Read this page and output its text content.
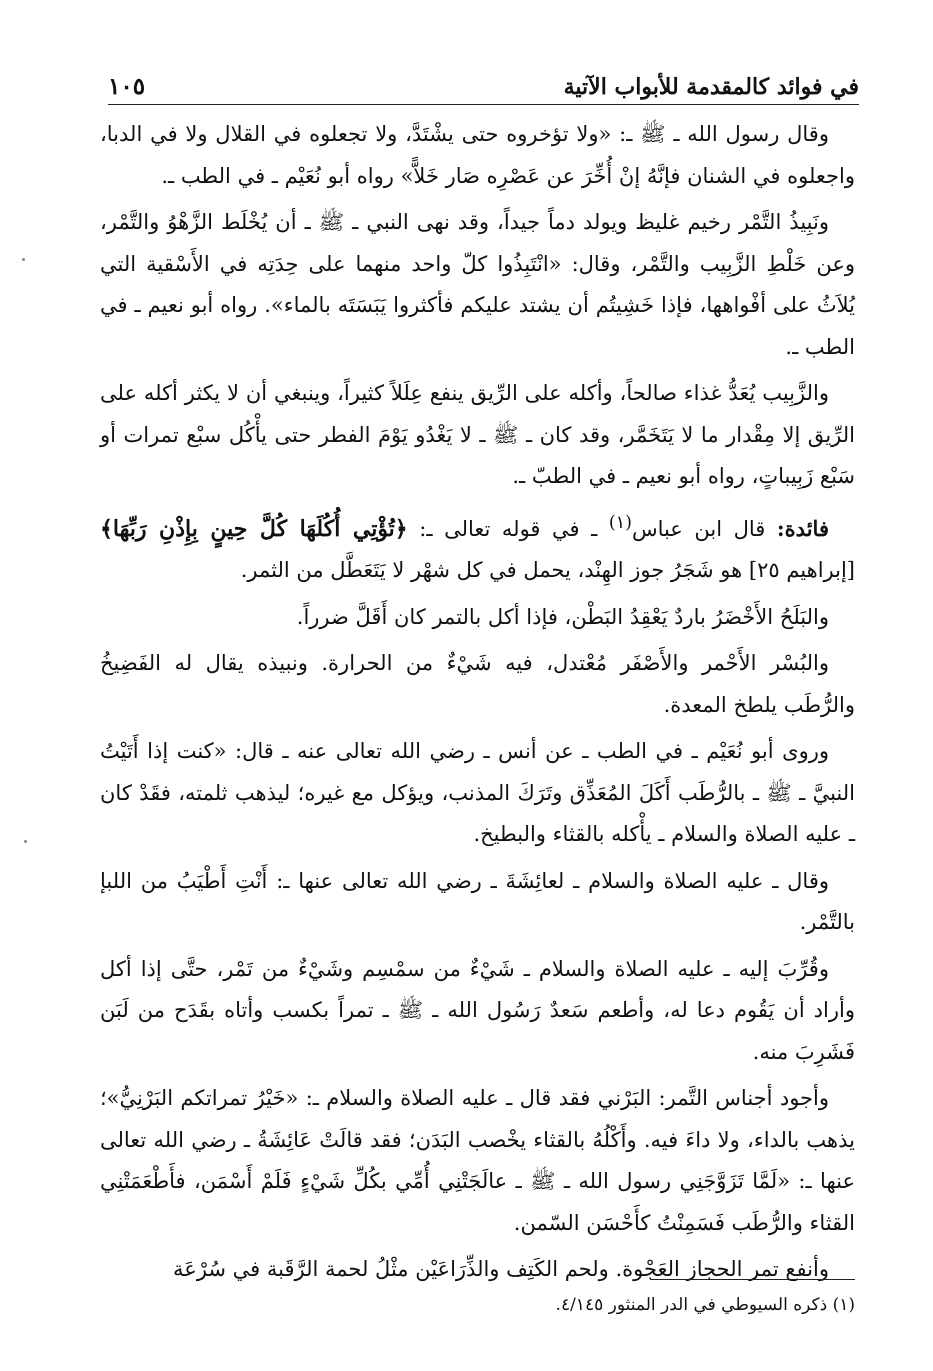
في فوائد كالمقدمة للأبواب الآتية
١٠٥

وقال رسول الله ـ ﷺ ـ: «ولا تؤخروه حتى يشْتَدَّ، ولا تجعلوه في القلال ولا في الدبا، واجعلوه في الشنان فإنَّهُ إنْ أُخِّرَ عن عَصْرِه صَار خَلاًّ» رواه أبو نُعَيْم ـ في الطب ـ.

ونَبِيذُ التَّمْر رخيم غليظ ويولد دماً جيداً، وقد نهى النبي ـ ﷺ ـ أن يُخْلَط الزَّهْوُ والتَّمْر، وعن خَلْطِ الزَّبِيب والتَّمْر، وقال: «انْتَبِذُوا كلّ واحد منهما على حِدَتِه في الأَسْقية التي يُلاَثُ على أفْواهها، فإذا خَشِيتُم أن يشتد عليكم فأكثروا يَبَسَتَه بالماء». رواه أبو نعيم ـ في الطب ـ.

والزَّبِيب يُعَدُّ غذاء صالحاً، وأكله على الرِّيق ينفع عِلَلاً كثيراً، وينبغي أن لا يكثر أكله على الرِّيق إلا مِقْدار ما لا يَتَخَمَّر، وقد كان ـ ﷺ ـ لا يَغْدُو يَوْمَ الفطر حتى يأْكُل سبْع تمرات أو سَبْع زَبِيباتٍ، رواه أبو نعيم ـ في الطبّ ـ.

فائدة: قال ابن عباس$^{(١)}$ ـ في قوله تعالى ـ: ﴿تُؤْتِي أُكُلَهَا كُلَّ حِينٍ بِإِذْنِ رَبِّهَا﴾ [إبراهيم ٢٥] هو شَجَرُ جوز الهِنْد، يحمل في كل شهْر لا يَتَعَطَّل من الثمر.

والبَلَحُ الأَخْضَرُ باردٌ يَعْقِدُ البَطْن، فإذا أكل بالتمر كان أَقَلَّ ضرراً.

والبُسْر الأَحْمر والأَصْفَر مُعْتدل، فيه شَيْءٌ من الحرارة. ونبيذه يقال له الفَضِيخُ والرُّطَب يلطخ المعدة.

وروى أبو نُعَيْم ـ في الطب ـ عن أنس ـ رضي الله تعالى عنه ـ قال: «كنت إذا أَتَيْتُ النبيَّ ـ ﷺ ـ بالرُّطَب أَكَلَ المُعَذِّق وتَرَكَ المذنب، ويؤكل مع غيره؛ ليذهب ثلمته، فقَدْ كان ـ عليه الصلاة والسلام ـ يأْكله بالقثاء والبطيخ.

وقال ـ عليه الصلاة والسلام ـ لعائِشَةَ ـ رضي الله تعالى عنها ـ: أَنْتِ أَطْيَبُ من اللبإ بالتَّمْر.

وقُرِّبَ إليه ـ عليه الصلاة والسلام ـ شَيْءٌ من سمْسِم وشَيْءٌ من تَمْر، حتَّى إذا أكل وأراد أن يَقُوم دعا له، وأطعم سَعدٌ رَسُول الله ـ ﷺ ـ تمراً بكسب وأتاه بقَدَح من لَبَن فَشَرِبَ منه.

وأجود أجناس التَّمر: البَرْني فقد قال ـ عليه الصلاة والسلام ـ: «خَيْرُ تمراتكم البَرْنِيُّ»؛ يذهب بالداء، ولا داءَ فيه. وأَكْلُهُ بالقثاء يخْصب البَدَن؛ فقد قالَتْ عَائِشَةُ ـ رضي الله تعالى عنها ـ: «لَمَّا تَزَوَّجَنِي رسول الله ـ ﷺ ـ عالَجَتْنِي أُمِّي بكُلِّ شَيْءٍ فَلَمْ أَسْمَن، فأَطْعَمَتْنِي القثاء والرُّطَب فَسَمِنْتُ كأَحْسَن السّمن.

وأنفع تمر الحجاز العَجْوة. ولحم الكَتِف والذِّرَاعَيْن مثْلُ لحمة الرَّقَبة في سُرْعَة

(١) ذكره السيوطي في الدر المنثور ٤/١٤٥.
